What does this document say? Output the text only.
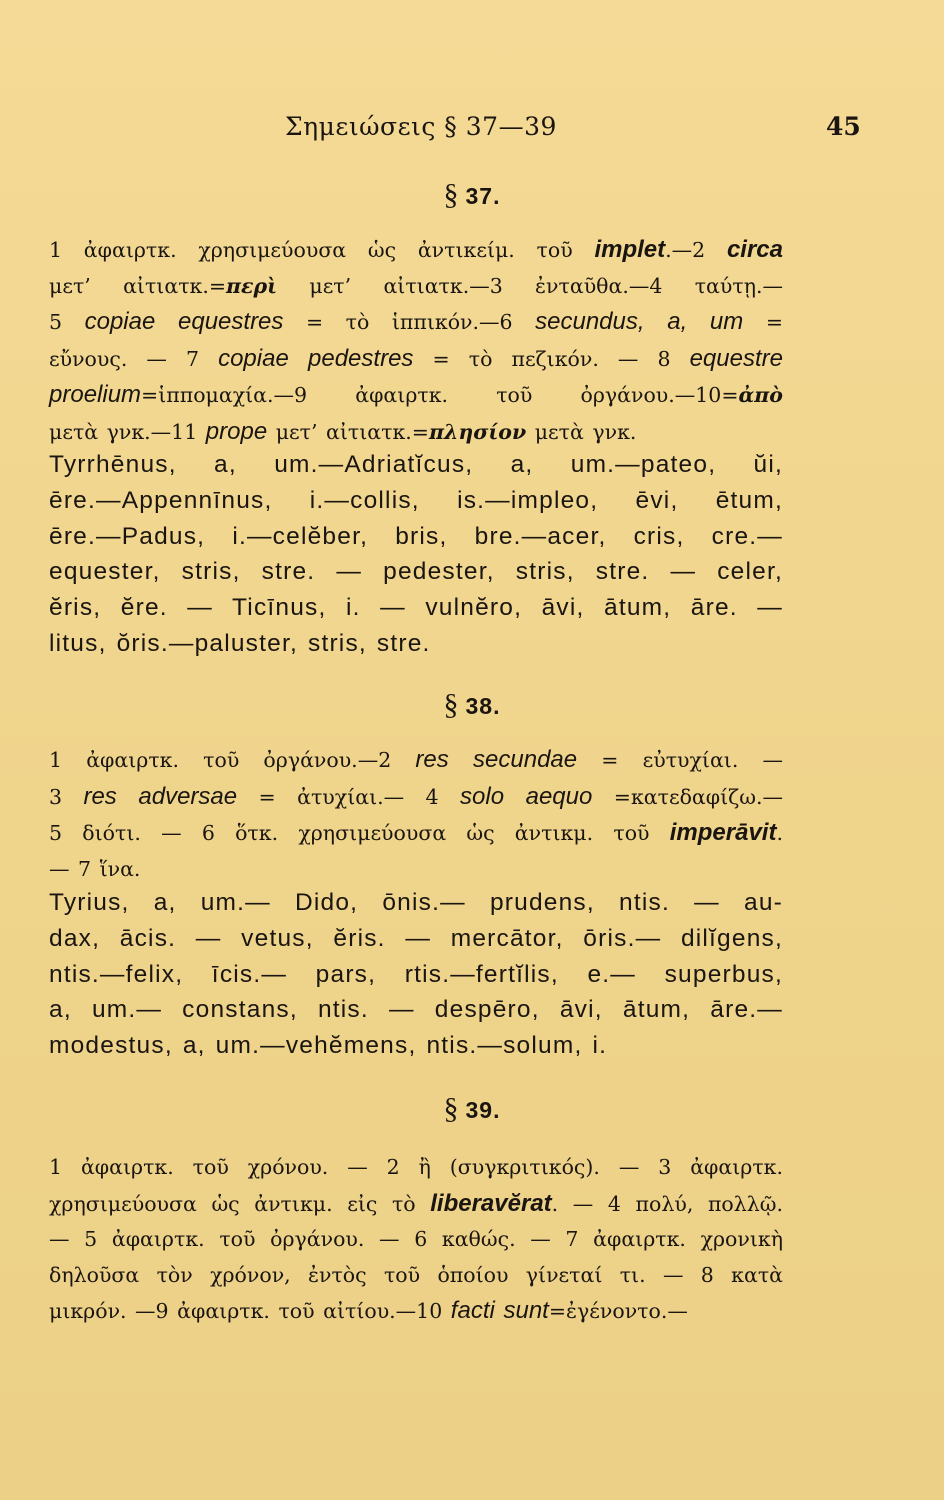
Σημειώσεις § 37—39	45
§ 37.
1 ἀφαιρτκ. χρησιμεύουσα ὡς ἀντικείμ. τοῦ implet.—2 circa
μετ’ αἰτιατκ.=περὶ μετ’ αἰτιατκ.—3 ἐνταῦθα.—4 ταύτῃ.—
5 copiae equestres = τὸ ἱππικόν.—6 secundus, a, um =
εὔνους. — 7 copiae pedestres = τὸ πεζικόν. — 8 equestre
proelium=ἱππομαχία.—9 ἀφαιρτκ. τοῦ ὀργάνου.—10=ἀπὸ
μετὰ γνκ.—11 prope μετ’ αἰτιατκ.=πλησίον μετὰ γνκ.
Tyrrhēnus, a, um.—Adriatĭcus, a, um.—pateo, ŭi,
ēre.—Appennīnus, i.—collis, is.—impleo, ēvi, ētum,
ēre.—Padus, i.—celĕber, bris, bre.—acer, cris, cre.—
equester, stris, stre. — pedester, stris, stre. — celer,
ĕris, ĕre. — Ticīnus, i. — vulnĕro, āvi, ātum, āre. —
litus, ŏris.—paluster, stris, stre.
§ 38.
1 ἀφαιρτκ. τοῦ ὀργάνου.—2 res secundae = εὐτυχίαι. —
3 res adversae = ἀτυχίαι.— 4 solo aequo =κατεδαφίζω.—
5 διότι. — 6 ὅτκ. χρησιμεύουσα ὡς ἀντικμ. τοῦ imperāvit.
— 7 ἵνα.
Tyrius, a, um.— Dido, ōnis.— prudens, ntis. — au-
dax, ācis. — vetus, ĕris. — mercātor, ōris.— dilĭgens,
ntis.—felix, īcis.— pars, rtis.—fertĭlis, e.— superbus,
a, um.— constans, ntis. — despēro, āvi, ātum, āre.—
modestus, a, um.—vehĕmens, ntis.—solum, i.
§ 39.
1 ἀφαιρτκ. τοῦ χρόνου. — 2 ἢ (συγκριτικός). — 3 ἀφαιρτκ.
χρησιμεύουσα ὡς ἀντικμ. εἰς τὸ liberavĕrat. — 4 πολύ, πολλῷ.
— 5 ἀφαιρτκ. τοῦ ὀργάνου. — 6 καθώς. — 7 ἀφαιρτκ. χρονικὴ
δηλοῦσα τὸν χρόνον, ἐντὸς τοῦ ὁποίου γίνεταί τι. — 8 κατὰ
μικρόν. —9 ἀφαιρτκ. τοῦ αἰτίου.—10 facti sunt=ἐγένοντο.—
